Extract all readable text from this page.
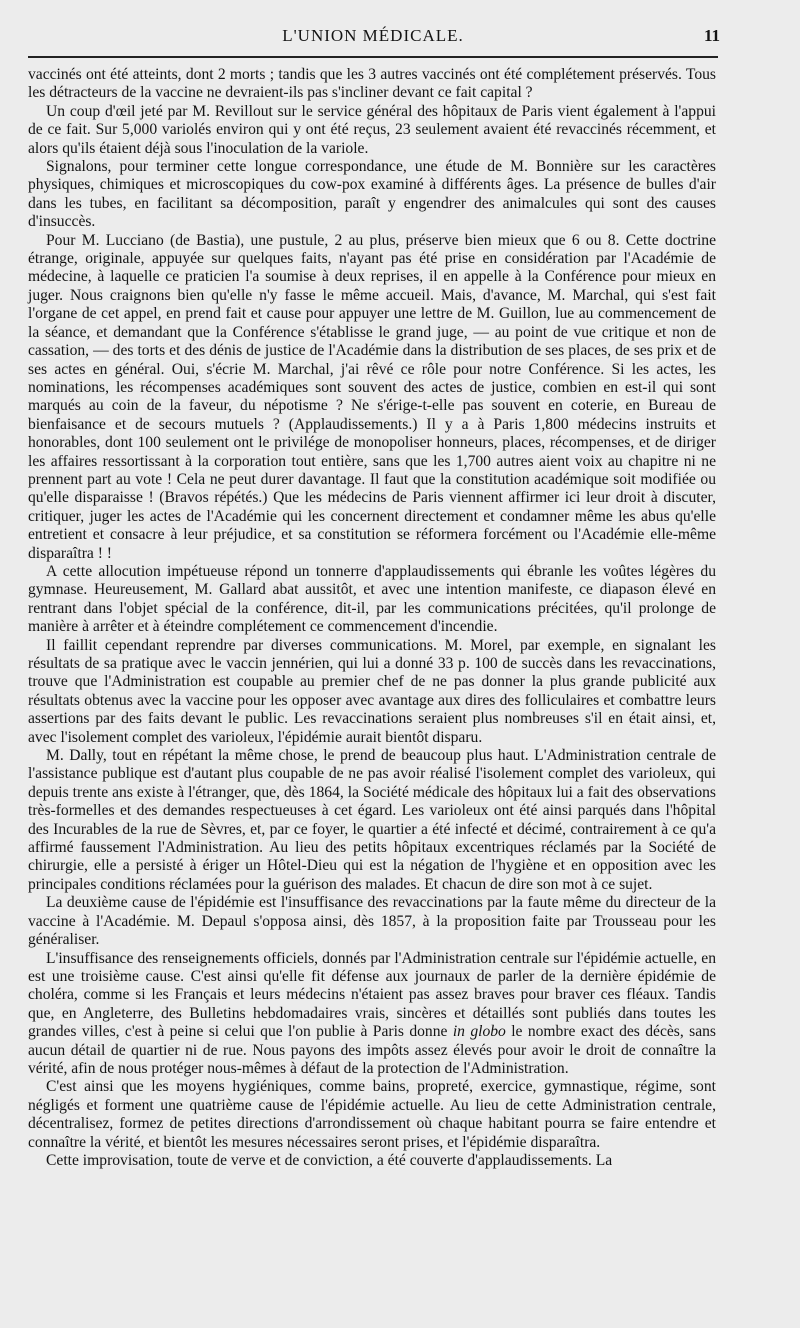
L'UNION MÉDICALE.	11

vaccinés ont été atteints, dont 2 morts ; tandis que les 3 autres vaccinés ont été complétement préservés. Tous les détracteurs de la vaccine ne devraient-ils pas s'incliner devant ce fait capital ?

Un coup d'œil jeté par M. Revillout sur le service général des hôpitaux de Paris vient également à l'appui de ce fait. Sur 5,000 variolés environ qui y ont été reçus, 23 seulement avaient été revaccinés récemment, et alors qu'ils étaient déjà sous l'inoculation de la variole.

Signalons, pour terminer cette longue correspondance, une étude de M. Bonnière sur les caractères physiques, chimiques et microscopiques du cow-pox examiné à différents âges. La présence de bulles d'air dans les tubes, en facilitant sa décomposition, paraît y engendrer des animalcules qui sont des causes d'insuccès.

Pour M. Lucciano (de Bastia), une pustule, 2 au plus, préserve bien mieux que 6 ou 8. Cette doctrine étrange, originale, appuyée sur quelques faits, n'ayant pas été prise en considération par l'Académie de médecine, à laquelle ce praticien l'a soumise à deux reprises, il en appelle à la Conférence pour mieux en juger. Nous craignons bien qu'elle n'y fasse le même accueil. Mais, d'avance, M. Marchal, qui s'est fait l'organe de cet appel, en prend fait et cause pour appuyer une lettre de M. Guillon, lue au commencement de la séance, et demandant que la Conférence s'établisse le grand juge, — au point de vue critique et non de cassation, — des torts et des dénis de justice de l'Académie dans la distribution de ses places, de ses prix et de ses actes en général. Oui, s'écrie M. Marchal, j'ai rêvé ce rôle pour notre Conférence. Si les actes, les nominations, les récompenses académiques sont souvent des actes de justice, combien en est-il qui sont marqués au coin de la faveur, du népotisme ? Ne s'érige-t-elle pas souvent en coterie, en Bureau de bienfaisance et de secours mutuels ? (Applaudissements.) Il y a à Paris 1,800 médecins instruits et honorables, dont 100 seulement ont le privilége de monopoliser honneurs, places, récompenses, et de diriger les affaires ressortissant à la corporation tout entière, sans que les 1,700 autres aient voix au chapitre ni ne prennent part au vote ! Cela ne peut durer davantage. Il faut que la constitution académique soit modifiée ou qu'elle disparaisse ! (Bravos répétés.) Que les médecins de Paris viennent affirmer ici leur droit à discuter, critiquer, juger les actes de l'Académie qui les concernent directement et condamner même les abus qu'elle entretient et consacre à leur préjudice, et sa constitution se réformera forcément ou l'Académie elle-même disparaîtra ! !

A cette allocution impétueuse répond un tonnerre d'applaudissements qui ébranle les voûtes légères du gymnase. Heureusement, M. Gallard abat aussitôt, et avec une intention manifeste, ce diapason élevé en rentrant dans l'objet spécial de la conférence, dit-il, par les communications précitées, qu'il prolonge de manière à arrêter et à éteindre complétement ce commencement d'incendie.

Il faillit cependant reprendre par diverses communications. M. Morel, par exemple, en signalant les résultats de sa pratique avec le vaccin jennérien, qui lui a donné 33 p. 100 de succès dans les revaccinations, trouve que l'Administration est coupable au premier chef de ne pas donner la plus grande publicité aux résultats obtenus avec la vaccine pour les opposer avec avantage aux dires des folliculaires et combattre leurs assertions par des faits devant le public. Les revaccinations seraient plus nombreuses s'il en était ainsi, et, avec l'isolement complet des varioleux, l'épidémie aurait bientôt disparu.

M. Dally, tout en répétant la même chose, le prend de beaucoup plus haut. L'Administration centrale de l'assistance publique est d'autant plus coupable de ne pas avoir réalisé l'isolement complet des varioleux, qui depuis trente ans existe à l'étranger, que, dès 1864, la Société médicale des hôpitaux lui a fait des observations très-formelles et des demandes respectueuses à cet égard. Les varioleux ont été ainsi parqués dans l'hôpital des Incurables de la rue de Sèvres, et, par ce foyer, le quartier a été infecté et décimé, contrairement à ce qu'a affirmé faussement l'Administration. Au lieu des petits hôpitaux excentriques réclamés par la Société de chirurgie, elle a persisté à ériger un Hôtel-Dieu qui est la négation de l'hygiène et en opposition avec les principales conditions réclamées pour la guérison des malades. Et chacun de dire son mot à ce sujet.

La deuxième cause de l'épidémie est l'insuffisance des revaccinations par la faute même du directeur de la vaccine à l'Académie. M. Depaul s'opposa ainsi, dès 1857, à la proposition faite par Trousseau pour les généraliser.

L'insuffisance des renseignements officiels, donnés par l'Administration centrale sur l'épidémie actuelle, en est une troisième cause. C'est ainsi qu'elle fit défense aux journaux de parler de la dernière épidémie de choléra, comme si les Français et leurs médecins n'étaient pas assez braves pour braver ces fléaux. Tandis que, en Angleterre, des Bulletins hebdomadaires vrais, sincères et détaillés sont publiés dans toutes les grandes villes, c'est à peine si celui que l'on publie à Paris donne in globo le nombre exact des décès, sans aucun détail de quartier ni de rue. Nous payons des impôts assez élevés pour avoir le droit de connaître la vérité, afin de nous protéger nous-mêmes à défaut de la protection de l'Administration.

C'est ainsi que les moyens hygiéniques, comme bains, propreté, exercice, gymnastique, régime, sont négligés et forment une quatrième cause de l'épidémie actuelle. Au lieu de cette Administration centrale, décentralisez, formez de petites directions d'arrondissement où chaque habitant pourra se faire entendre et connaître la vérité, et bientôt les mesures nécessaires seront prises, et l'épidémie disparaîtra.

Cette improvisation, toute de verve et de conviction, a été couverte d'applaudissements. La
